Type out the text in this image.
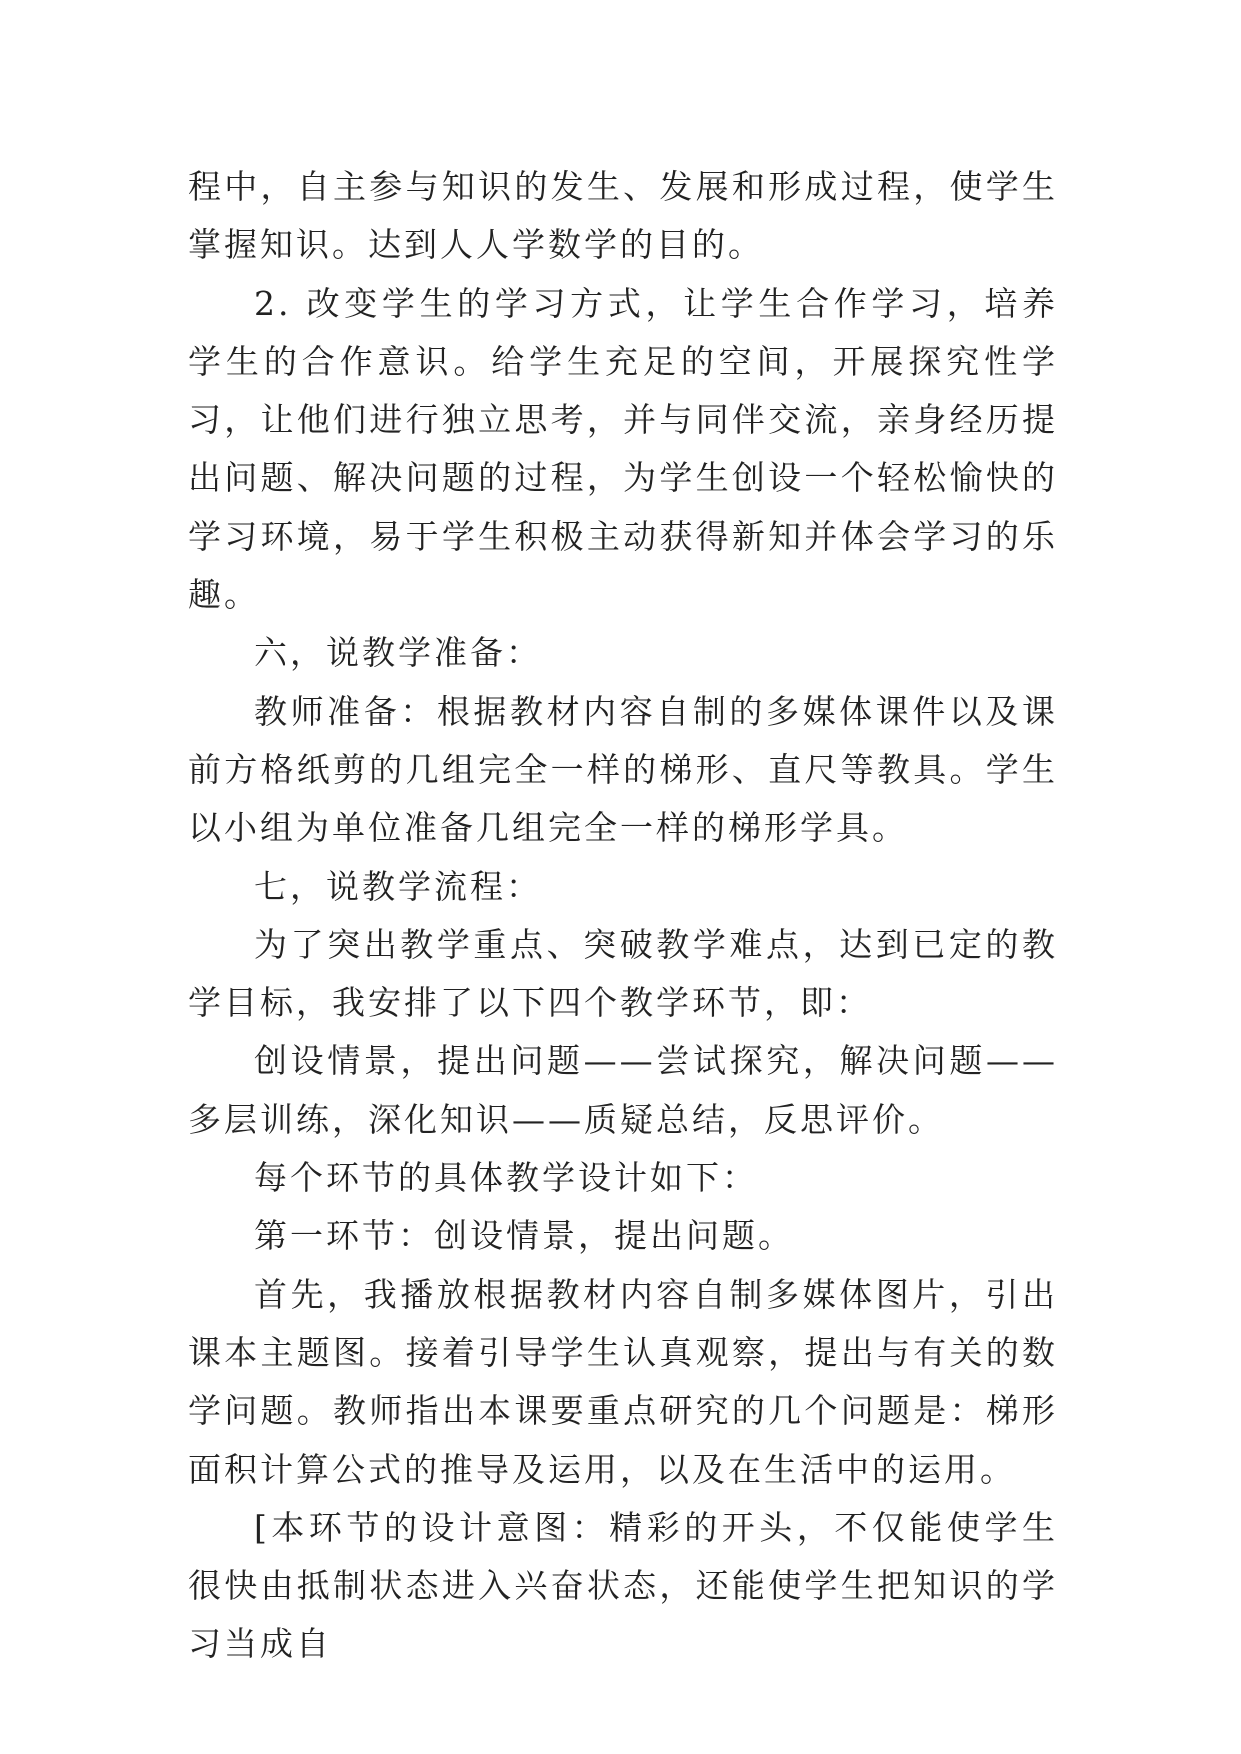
程中，自主参与知识的发生、发展和形成过程，使学生掌握知识。达到人人学数学的目的。

2. 改变学生的学习方式，让学生合作学习，培养学生的合作意识。给学生充足的空间，开展探究性学习，让他们进行独立思考，并与同伴交流，亲身经历提出问题、解决问题的过程，为学生创设一个轻松愉快的学习环境，易于学生积极主动获得新知并体会学习的乐趣。

六，说教学准备：

教师准备：根据教材内容自制的多媒体课件以及课前方格纸剪的几组完全一样的梯形、直尺等教具。学生以小组为单位准备几组完全一样的梯形学具。

七，说教学流程：

为了突出教学重点、突破教学难点，达到已定的教学目标，我安排了以下四个教学环节，即：

创设情景，提出问题——尝试探究，解决问题——多层训练，深化知识——质疑总结，反思评价。

每个环节的具体教学设计如下：

第一环节：创设情景，提出问题。

首先，我播放根据教材内容自制多媒体图片，引出课本主题图。接着引导学生认真观察，提出与有关的数学问题。教师指出本课要重点研究的几个问题是：梯形面积计算公式的推导及运用，以及在生活中的运用。

[本环节的设计意图：精彩的开头，不仅能使学生很快由抵制状态进入兴奋状态，还能使学生把知识的学习当成自
